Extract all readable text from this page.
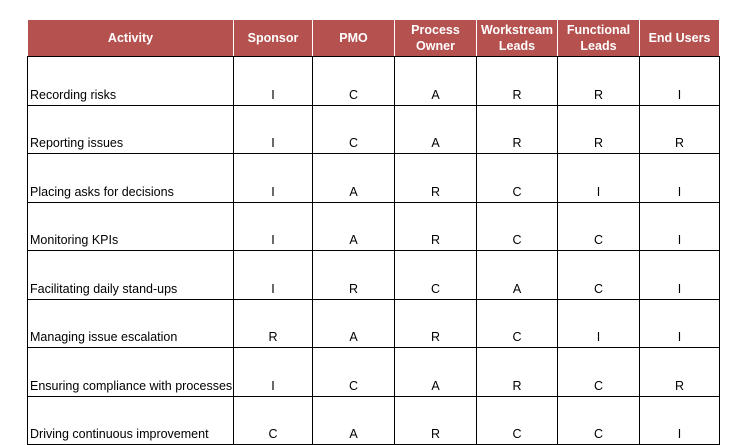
Activity	Sponsor	PMO	Process Owner	Workstream Leads	Functional Leads	End Users
Recording risks	I	C	A	R	R	I
Reporting issues	I	C	A	R	R	R
Placing asks for decisions	I	A	R	C	I	I
Monitoring KPIs	I	A	R	C	C	I
Facilitating daily stand-ups	I	R	C	A	C	I
Managing issue escalation	R	A	R	C	I	I
Ensuring compliance with processes	I	C	A	R	C	R
Driving continuous improvement	C	A	R	C	C	I
